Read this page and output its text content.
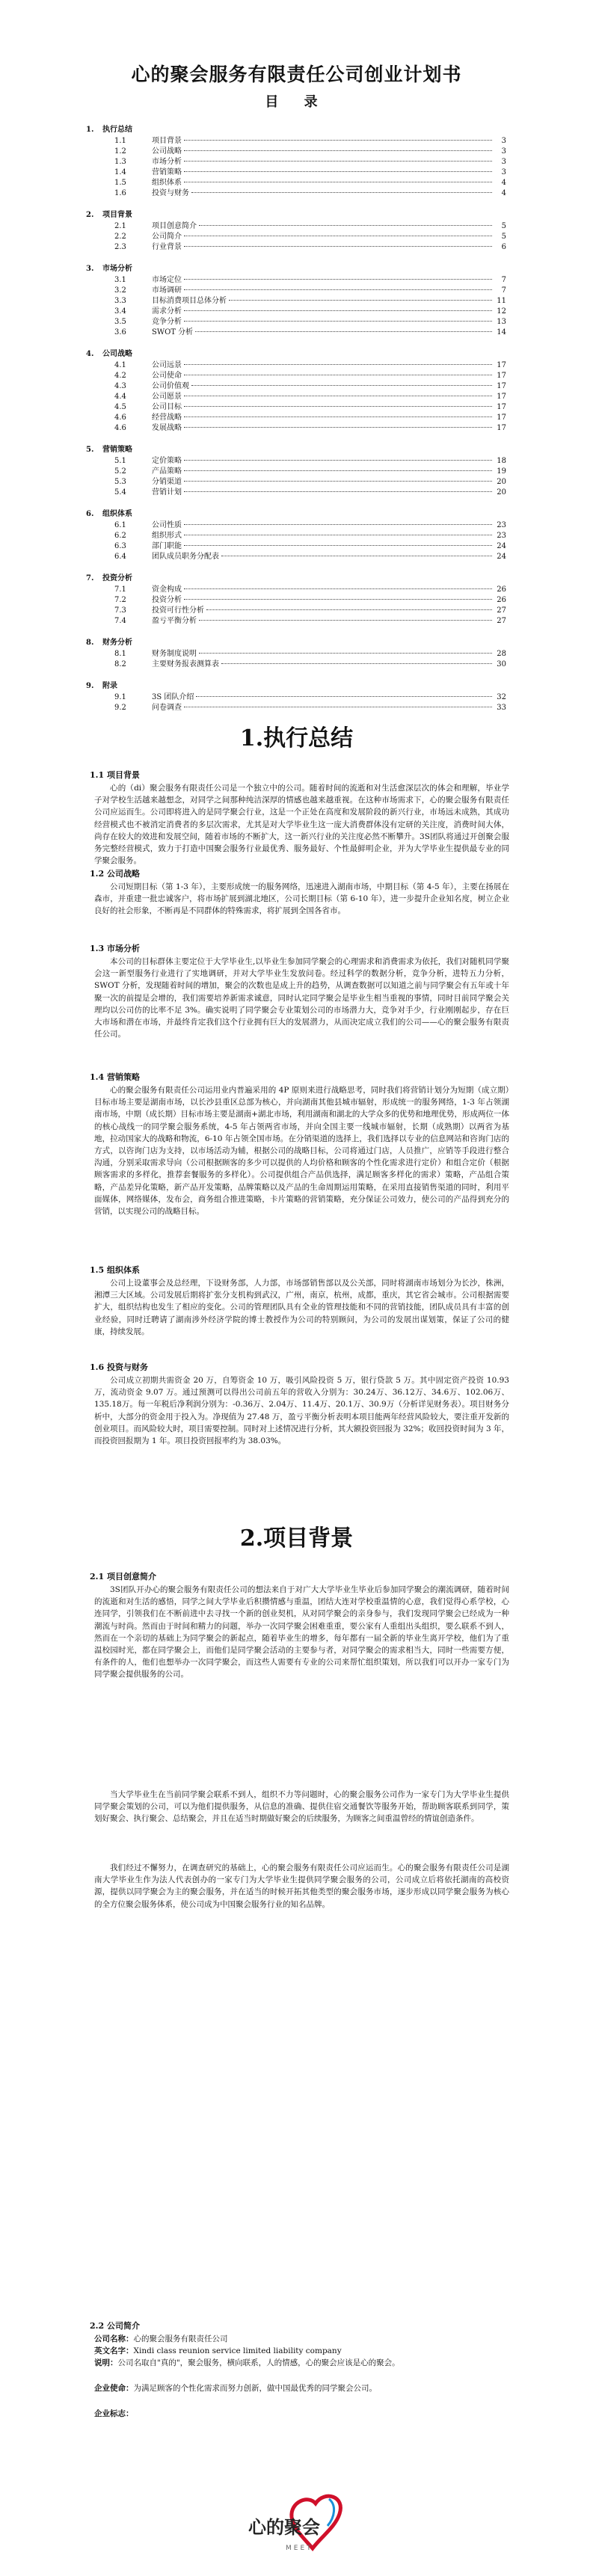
心的聚会服务有限责任公司创业计划书
目 录
1. 执行总结
1.1	项目背景	3
1.2	公司战略	3
1.3	市场分析	3
1.4	营销策略	3
1.5	组织体系	4
1.6	投资与财务	4
2. 项目背景
2.1	项目创意简介	5
2.2	公司简介	5
2.3	行业背景	6
3. 市场分析
3.1	市场定位	7
3.2	市场调研	7
3.3	目标消费项目总体分析	11
3.4	需求分析	12
3.5	竞争分析	13
3.6	SWOT 分析	14
4. 公司战略
4.1	公司远景	17
4.2	公司使命	17
4.3	公司价值观	17
4.4	公司愿景	17
4.5	公司目标	17
4.6	经营战略	17
4.6	发展战略	17
5. 营销策略
5.1	定价策略	18
5.2	产品策略	19
5.3	分销渠道	20
5.4	营销计划	20
6. 组织体系
6.1	公司性质	23
6.2	组织形式	23
6.3	部门职能	24
6.4	团队成员职务分配表	24
7. 投资分析
7.1	资金构成	26
7.2	投资分析	26
7.3	投资可行性分析	27
7.4	盈亏平衡分析	27
8. 财务分析
8.1	财务制度说明	28
8.2	主要财务报表测算表	30
9. 附录
9.1	3S 团队介绍	32
9.2	问卷调查	33
1.执行总结
1.1 项目背景

心的（di）聚会服务有限责任公司是一个独立中的公司。随着时间的流逝和对生活愈深层次的体会和理解，毕业学子对学校生活越来越想念，对同学之间那种纯洁深厚的情感也越来越重视。在这种市场需求下，心的聚会服务有限责任公司应运而生。公司即将进入的是同学聚会行业，这是一个正处在高度和发展阶段的新兴行业，市场远未成熟，其成功经营模式也不被消定消费者的多层次需求，尤其是对大学毕业生这一庞大消费群体没有定研的关注度，消费时间大体，尚存在较大的效进和发展空间，随着市场的不断扩大，这一新兴行业的关注度必然不断攀升。3S团队将通过开创聚会服务完整经营模式，致力于打造中国聚会服务行业最优秀、服务最好、个性最鲜明企业，并为大学毕业生提供最专业的同学聚会服务。

1.2 公司战略

公司短期目标（第 1-3 年），主要形成统一的服务网络，迅速进入湖南市场，中期目标（第 4-5 年），主要在扬展在森市，并重建一批忠诚客户，将市场扩展到湖北地区，公司长期目标（第 6-10 年），进一步提升企业知名度，树立企业良好的社会形象，不断再是不同群体的特殊需求，将扩展到全国各省市。

1.3 市场分析

本公司的目标群体主要定位于大学毕业生,以毕业生参加同学聚会的心理需求和消费需求为依托，我们对随机同学聚会这一新型服务行业进行了实地调研，并对大学毕业生发放问卷。经过科学的数据分析，竞争分析，进特五力分析，SWOT 分析，发现随着时间的增加，聚会的次数也是成上升的趋势，从调查数据可以知道之前与同学聚会有五年或十年聚一次的前提是会增的，我们需要培养新需求诚意，同时认定同学聚会是毕业生相当重视的事情，同时目前同学聚会关理均以公司仿的比率不足 3%。确实说明了同学聚会专业策划公司的市场潜力大，竞争对手少，行业刚刚起步，存在巨大市场和潜在市场，并最终肯定我们这个行业拥有巨大的发展潜力，从而决定成立我们的公司——心的聚会服务有限责任公司。

1.4 营销策略

心的聚会服务有限责任公司运用业内普遍采用的 4P 原则来进行战略思考，同时我们将营销计划分为短期（成立期）目标市场主要是湖南市场，以长沙县重区总部为核心，并向湖南其他县城市辐射，形成统一的服务网络，1-3 年占领湖南市场，中期（成长期）目标市场主要是湖南+湖北市场，利用湖南和湖北的大学众多的优势和地理优势，形成两位一体的核心战线一的同学聚会服务系统，4-5 年占领两省市场，并向全国主要一线城市辐射，长期（成熟期）以两省为基地，拉动国家大的战略和物流，6-10 年占领全国市场。在分销渠道的选择上，我们选择以专业的信息网站和咨询门店的方式，以咨询门店为支持，以市场活动为辅，根据公司的战略目标，公司将通过门店，人员推广，应销等手段进行整合沟通，分别采取需求导向（公司根据顾客的多少可以提供的人均价格和顾客的个性化需求进行定价）和组合定价（根据顾客需求的多样化，推荐套餐服务的多样化）。公司提供组合产品供选择，满足顾客多样化的需求）策略，产品组合策略，产品差异化策略，新产品开发策略，品牌策略以及产品的生命周期运用策略，在采用直接销售渠道的同时，利用平面媒体，网络媒体，发布会，商务组合推进策略，卡片策略的营销策略，充分保证公司效力，使公司的产品得到充分的营销，以实现公司的战略目标。

1.5 组织体系

公司上设董事会及总经理，下设财务部，人力部，市场部销售部以及公关部，同时将湖南市场划分为长沙，株洲，湘潭三大区域。公司发展后期将扩张分支机构到武汉，广州，南京，杭州，成都，重庆，其它省会城市。公司根据需要扩大，组织结构也发生了相应的变化。公司的管理团队具有全业的管理技能和不同的营销技能，团队成员具有丰富的创业经验，同时迁聘请了湖南涉外经济学院的博士教授作为公司的特别顾问，为公司的发展出谋划策，保证了公司的健康，持续发展。

1.6 投资与财务

公司成立初期共需资金 20 万，自筹资金 10 万，吸引风险投资 5 万，银行贷款 5 万。其中固定资产投资 10.93 万，流动资金 9.07 万。通过预测可以得出公司前五年的营收入分别为：30.24万、36.12万、34.6万、102.06万、135.18万。每一年税后净利润分别为：-0.36万、2.04万、11.4万、20.1万、30.9万（分析详见财务表）。项目财务分析中，大部分的资金用于投入为。净现值为 27.48 万，盈亏平衡分析表明本项目能两年经营风险较大，要注重开发新的创业项目。而风险较大时，项目需要控制。同时对上述情况进行分析，其大额投资回报为 32%；收回投资时间为 3 年，而投资回报期为 1 年。项目投资回报率约为 38.03%。

2.项目背景
2.1 项目创意简介

3S团队开办心的聚会服务有限责任公司的想法来自于对广大大学毕业生毕业后参加同学聚会的潮流调研，随着时间的流逝和对生活的感悟，同学之间大学毕业后积攒情感与重温，团结大连对学校重温情的心意，我们觉得心系学校，心连同学，引领我们在不断前进中去寻找一个新的创业契机，从对同学聚会的亲身参与，我们发现同学聚会已经成为一种潮流与时尚。然而由于时间和精力的问题，举办一次同学聚会困难重重，要公家有人重组出头组织，要么联系不到人，然而在一个亲切的基础上为同学聚会的新起点，随着毕业生的增多，每年都有一届全新的毕业生离开学校，他们为了重温校园时光，都在同学聚会上，而他们是同学聚会活动的主要参与者，对同学聚会的需求相当大，同时一些需要方便，有条件的人，他们也想举办一次同学聚会，而这些人需要有专业的公司来帮忙组织策划，所以我们可以开办一家专门为同学聚会提供服务的公司。

当大学毕业生在当前同学聚会联系不到人，组织不力等问题时，心的聚会服务公司作为一家专门为大学毕业生提供同学聚会策划的公司，可以为他们提供服务，从信息的准确、提供住宿交通餐饮等服务开始，帮助顾客联系到同学，策划好聚会、执行聚会、总结聚会，并且在适当时期做好聚会的后续服务，为顾客之间重温曾经的情谊创造条件。

我们经过不懈努力，在调查研究的基础上，心的聚会服务有限责任公司应运而生。心的聚会服务有限责任公司是湖南大学毕业生作为法人代表创办的一家专门为大学毕业生提供同学聚会服务的公司，公司成立后将依托湖南的高校资源，提供以同学聚会为主的聚会服务，并在适当的时候开拓其他类型的聚会服务市场，逐步形成以同学聚会服务为核心的全方位聚会服务体系，使公司成为中国聚会服务行业的知名品牌。

2.2 公司简介
公司名称：心的聚会服务有限责任公司
英文名字：Xindi class reunion service limited liability company
说明：公司名取自"真的"，聚会服务，横向联系，人的情感，心的聚会应该是心的聚会。
企业使命：为满足顾客的个性化需求而努力创新，做中国最优秀的同学聚会公司。
企业标志：
心的聚会
MEET
